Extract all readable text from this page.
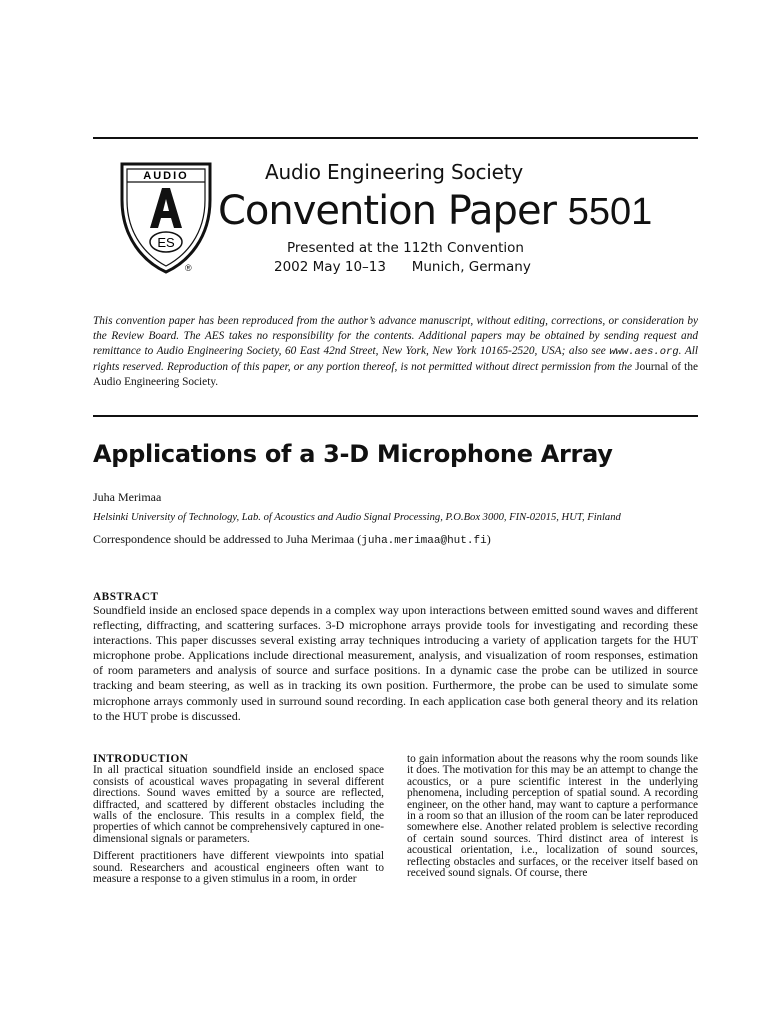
AUDIO
ES
®
Audio Engineering Society
Convention Paper 5501
Presented at the 112th Convention
2002 May 10–13 Munich, Germany
This convention paper has been reproduced from the author’s advance manuscript, without editing, corrections, or consideration by the Review Board. The AES takes no responsibility for the contents. Additional papers may be obtained by sending request and remittance to Audio Engineering Society, 60 East 42nd Street, New York, New York 10165-2520, USA; also see www.aes.org. All rights reserved. Reproduction of this paper, or any portion thereof, is not permitted without direct permission from the Journal of the Audio Engineering Society.
Applications of a 3-D Microphone Array
Juha Merimaa
Helsinki University of Technology, Lab. of Acoustics and Audio Signal Processing, P.O.Box 3000, FIN-02015, HUT, Finland
Correspondence should be addressed to Juha Merimaa (juha.merimaa@hut.fi)
ABSTRACT
Soundfield inside an enclosed space depends in a complex way upon interactions between emitted sound waves and different reflecting, diffracting, and scattering surfaces. 3-D microphone arrays provide tools for investigating and recording these interactions. This paper discusses several existing array techniques introducing a variety of application targets for the HUT microphone probe. Applications include directional measurement, analysis, and visualization of room responses, estimation of room parameters and analysis of source and surface positions. In a dynamic case the probe can be utilized in source tracking and beam steering, as well as in tracking its own position. Furthermore, the probe can be used to simulate some microphone arrays commonly used in surround sound recording. In each application case both general theory and its relation to the HUT probe is discussed.
INTRODUCTION

In all practical situation soundfield inside an enclosed space consists of acoustical waves propagating in several different directions. Sound waves emitted by a source are reflected, diffracted, and scattered by different obstacles including the walls of the enclosure. This results in a complex field, the properties of which cannot be comprehensively captured in one-dimensional signals or parameters.

Different practitioners have different viewpoints into spatial sound. Researchers and acoustical engineers often want to measure a response to a given stimulus in a room, in order

to gain information about the reasons why the room sounds like it does. The motivation for this may be an attempt to change the acoustics, or a pure scientific interest in the underlying phenomena, including perception of spatial sound. A recording engineer, on the other hand, may want to capture a performance in a room so that an illusion of the room can be later reproduced somewhere else. Another related problem is selective recording of certain sound sources. Third distinct area of interest is acoustical orientation, i.e., localization of sound sources, reflecting obstacles and surfaces, or the receiver itself based on received sound signals. Of course, there
